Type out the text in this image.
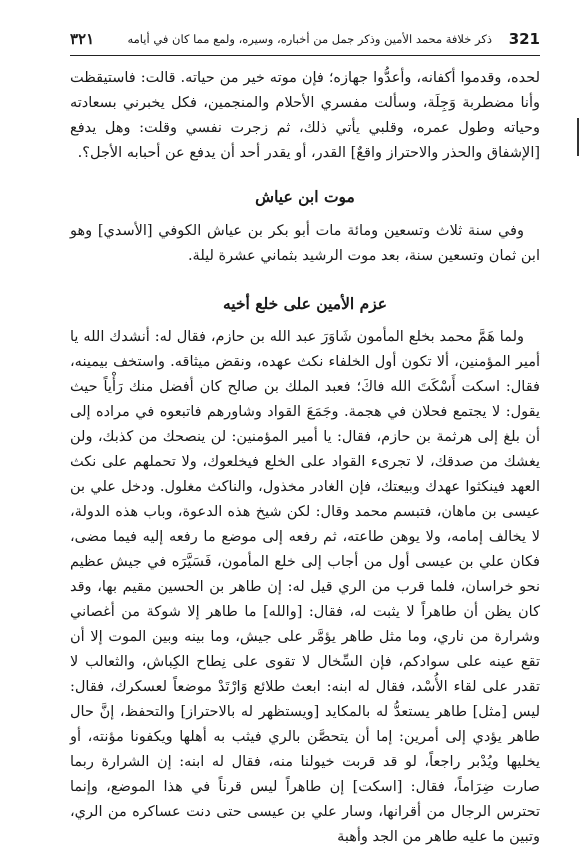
321
ذكر خلافة محمد الأمين وذكر جمل من أخباره، وسيره، ولمع مما كان في أيامه
٣٢١

لحده، وقدموا أكفانه، وأعدُّوا جهازه؛ فإن موته خير من حياته. قالت: فاستيقظت وأنا مضطربة وَجِلَة، وسألت مفسري الأحلام والمنجمين، فكل يخبرني بسعادته وحياته وطول عمره، وقلبي يأتي ذلك، ثم زجرت نفسي وقلت: وهل يدفع [الإشفاق والحذر والاحتراز واقعٌ] القدر، أو يقدر أحد أن يدفع عن أحبابه الأجل؟.

موت ابن عياش

وفي سنة ثلاث وتسعين ومائة مات أبو بكر بن عياش الكوفي [الأسدي] وهو ابن ثمان وتسعين سنة، بعد موت الرشيد بثماني عشرة ليلة.

عزم الأمين على خلع أخيه

ولما هَمَّ محمد بخلع المأمون شَاوَرَ عبد الله بن حازم، فقال له: أنشدك الله يا أمير المؤمنين، ألا تكون أول الخلفاء نكث عهده، ونقض ميثاقه. واستخف بيمينه، فقال: اسكت أَسْكَتَ الله فاكَ؛ فعبد الملك بن صالح كان أفضل منك رَأْياً حيث يقول: لا يجتمع فحلان في هجمة. وجَمَعَ القواد وشاورهم فاتبعوه في مراده إلى أن بلغ إلى هرثمة بن حازم، فقال: يا أمير المؤمنين: لن ينصحك من كذبك، ولن يغشك من صدقك، لا تجرىء القواد على الخلع فيخلعوك، ولا تحملهم على نكث العهد فينكثوا عهدك وبيعتك، فإن الغادر مخذول، والناكث مغلول. ودخل علي بن عيسى بن ماهان، فتبسم محمد وقال: لكن شيخ هذه الدعوة، وباب هذه الدولة، لا يخالف إمامه، ولا يوهن طاعته، ثم رفعه إلى موضع ما رفعه إليه فيما مضى، فكان علي بن عيسى أول من أجاب إلى خلع المأمون، فَسَيَّرَه في جيش عظيم نحو خراسان، فلما قرب من الري قيل له: إن طاهر بن الحسين مقيم بها، وقد كان يظن أن طاهراً لا يثبت له، فقال: [والله] ما طاهر إلا شوكة من أغصاني وشرارة من ناري، وما مثل طاهر يؤمَّر على جيش، وما بينه وبين الموت إلا أن تقع عينه على سوادكم، فإن السِّخال لا تقوى على نِطاح الكِباش، والثعالب لا تقدر على لقاء الأُسْد، فقال له ابنه: ابعث طلائع وَارْتَدْ موضعاً لعسكرك، فقال: ليس [مثل] طاهر يستعدُّ له بالمكايد [ويستظهر له بالاحتراز] والتحفظ، إنَّ حال طاهر يؤدي إلى أمرين: إما أن يتحصَّن بالري فيثب به أهلها ويكفونا مؤنته، أو يخليها ويُدْبر راجعاً، لو قد قربت خيولنا منه، فقال له ابنه: إن الشرارة ربما صارت ضِرَاماً، فقال: [اسكت] إن طاهراً ليس قرناً في هذا الموضع، وإنما تحترس الرجال من أقرانها، وسار علي بن عيسى حتى دنت عساكره من الري، وتبين ما عليه طاهر من الجد وأهبة
